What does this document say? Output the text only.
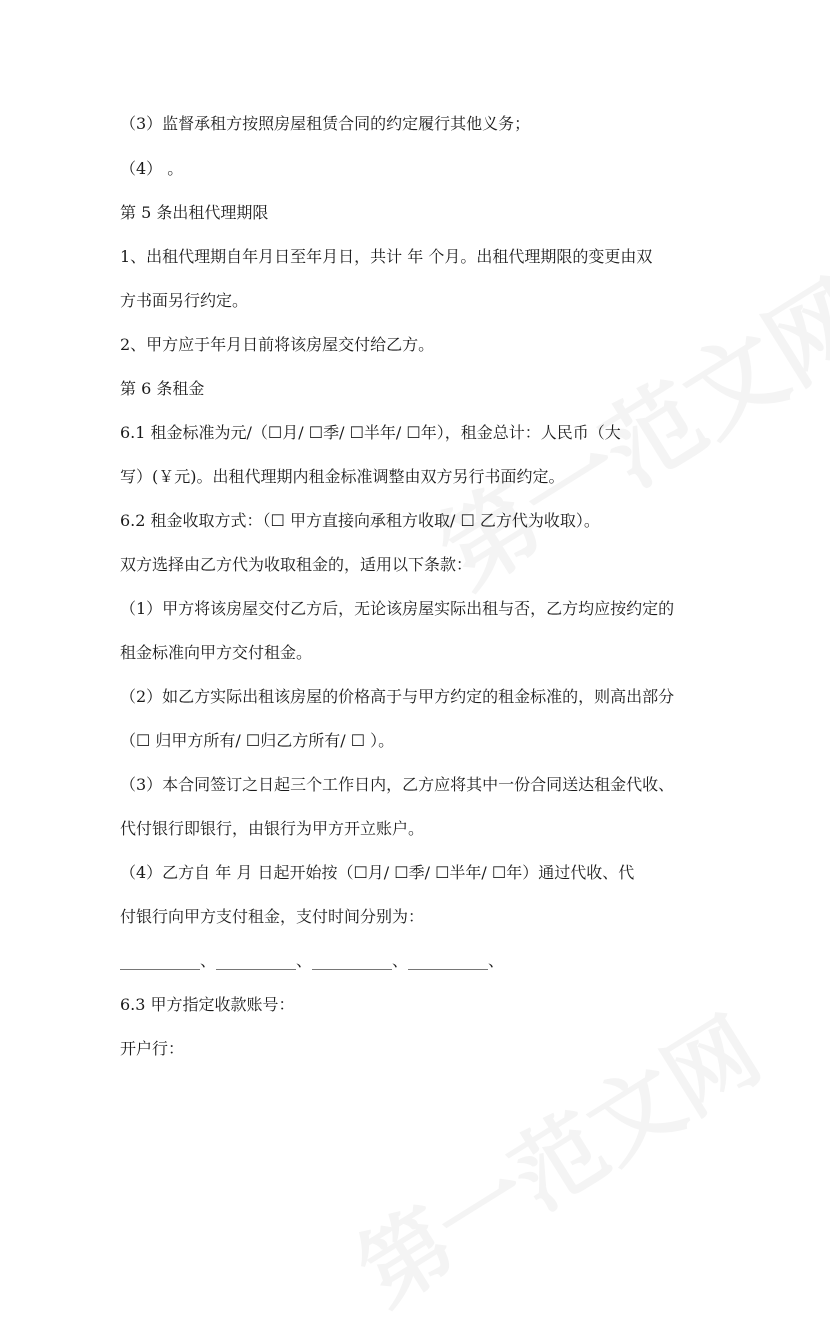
（3）监督承租方按照房屋租赁合同的约定履行其他义务；
（4） 。
第 5 条出租代理期限
1、出租代理期自年月日至年月日，共计 年 个月。出租代理期限的变更由双
方书面另行约定。
2、甲方应于年月日前将该房屋交付给乙方。
第 6 条租金
6.1 租金标准为元/（☐月/ ☐季/ ☐半年/ ☐年），租金总计：人民币（大
写）(￥元)。出租代理期内租金标准调整由双方另行书面约定。
6.2 租金收取方式：（☐ 甲方直接向承租方收取/ ☐ 乙方代为收取）。
双方选择由乙方代为收取租金的，适用以下条款：
（1）甲方将该房屋交付乙方后，无论该房屋实际出租与否，乙方均应按约定的
租金标准向甲方交付租金。
（2）如乙方实际出租该房屋的价格高于与甲方约定的租金标准的，则高出部分
（☐ 归甲方所有/ ☐归乙方所有/ ☐ ）。
（3）本合同签订之日起三个工作日内，乙方应将其中一份合同送达租金代收、
代付银行即银行，由银行为甲方开立账户。
（4）乙方自 年 月 日起开始按（☐月/ ☐季/ ☐半年/ ☐年）通过代收、代
付银行向甲方支付租金，支付时间分别为：
__________、__________、__________、__________、
6.3 甲方指定收款账号：
开户行：
